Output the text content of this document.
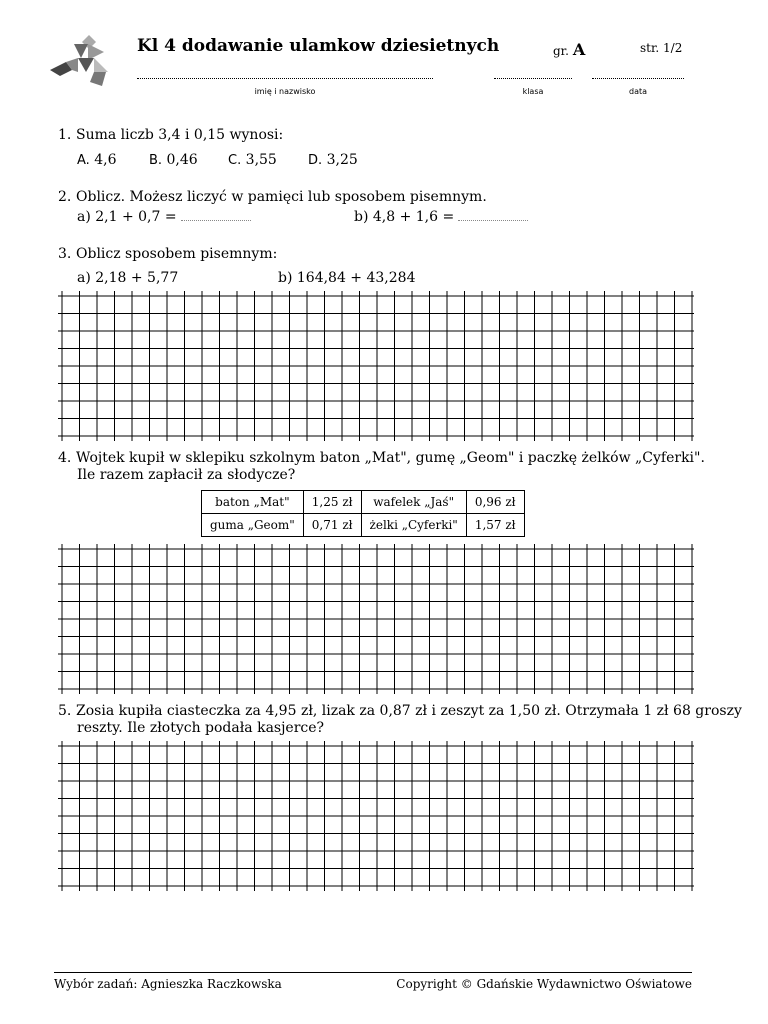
Kl 4 dodawanie ulamkow dziesietnych	gr. A	str. 1/2
imię i nazwisko	klasa	data
1. Suma liczb 3,4 i 0,15 wynosi:
A. 4,6 B. 0,46 C. 3,55 D. 3,25
2. Oblicz. Możesz liczyć w pamięci lub sposobem pisemnym.
a) 2,1 + 0,7 =	b) 4,8 + 1,6 =
3. Oblicz sposobem pisemnym:
a) 2,18 + 5,77	b) 164,84 + 43,284
4. Wojtek kupił w sklepiku szkolnym baton „Mat", gumę „Geom" i paczkę żelków „Cyferki".
Ile razem zapłacił za słodycze?
baton „Mat"	1,25 zł	wafelek „Jaś"	0,96 zł
guma „Geom"	0,71 zł	żelki „Cyferki"	1,57 zł
5. Zosia kupiła ciasteczka za 4,95 zł, lizak za 0,87 zł i zeszyt za 1,50 zł. Otrzymała 1 zł 68 groszy
reszty. Ile złotych podała kasjerce?
Wybór zadań: Agnieszka Raczkowska	Copyright © Gdańskie Wydawnictwo Oświatowe
